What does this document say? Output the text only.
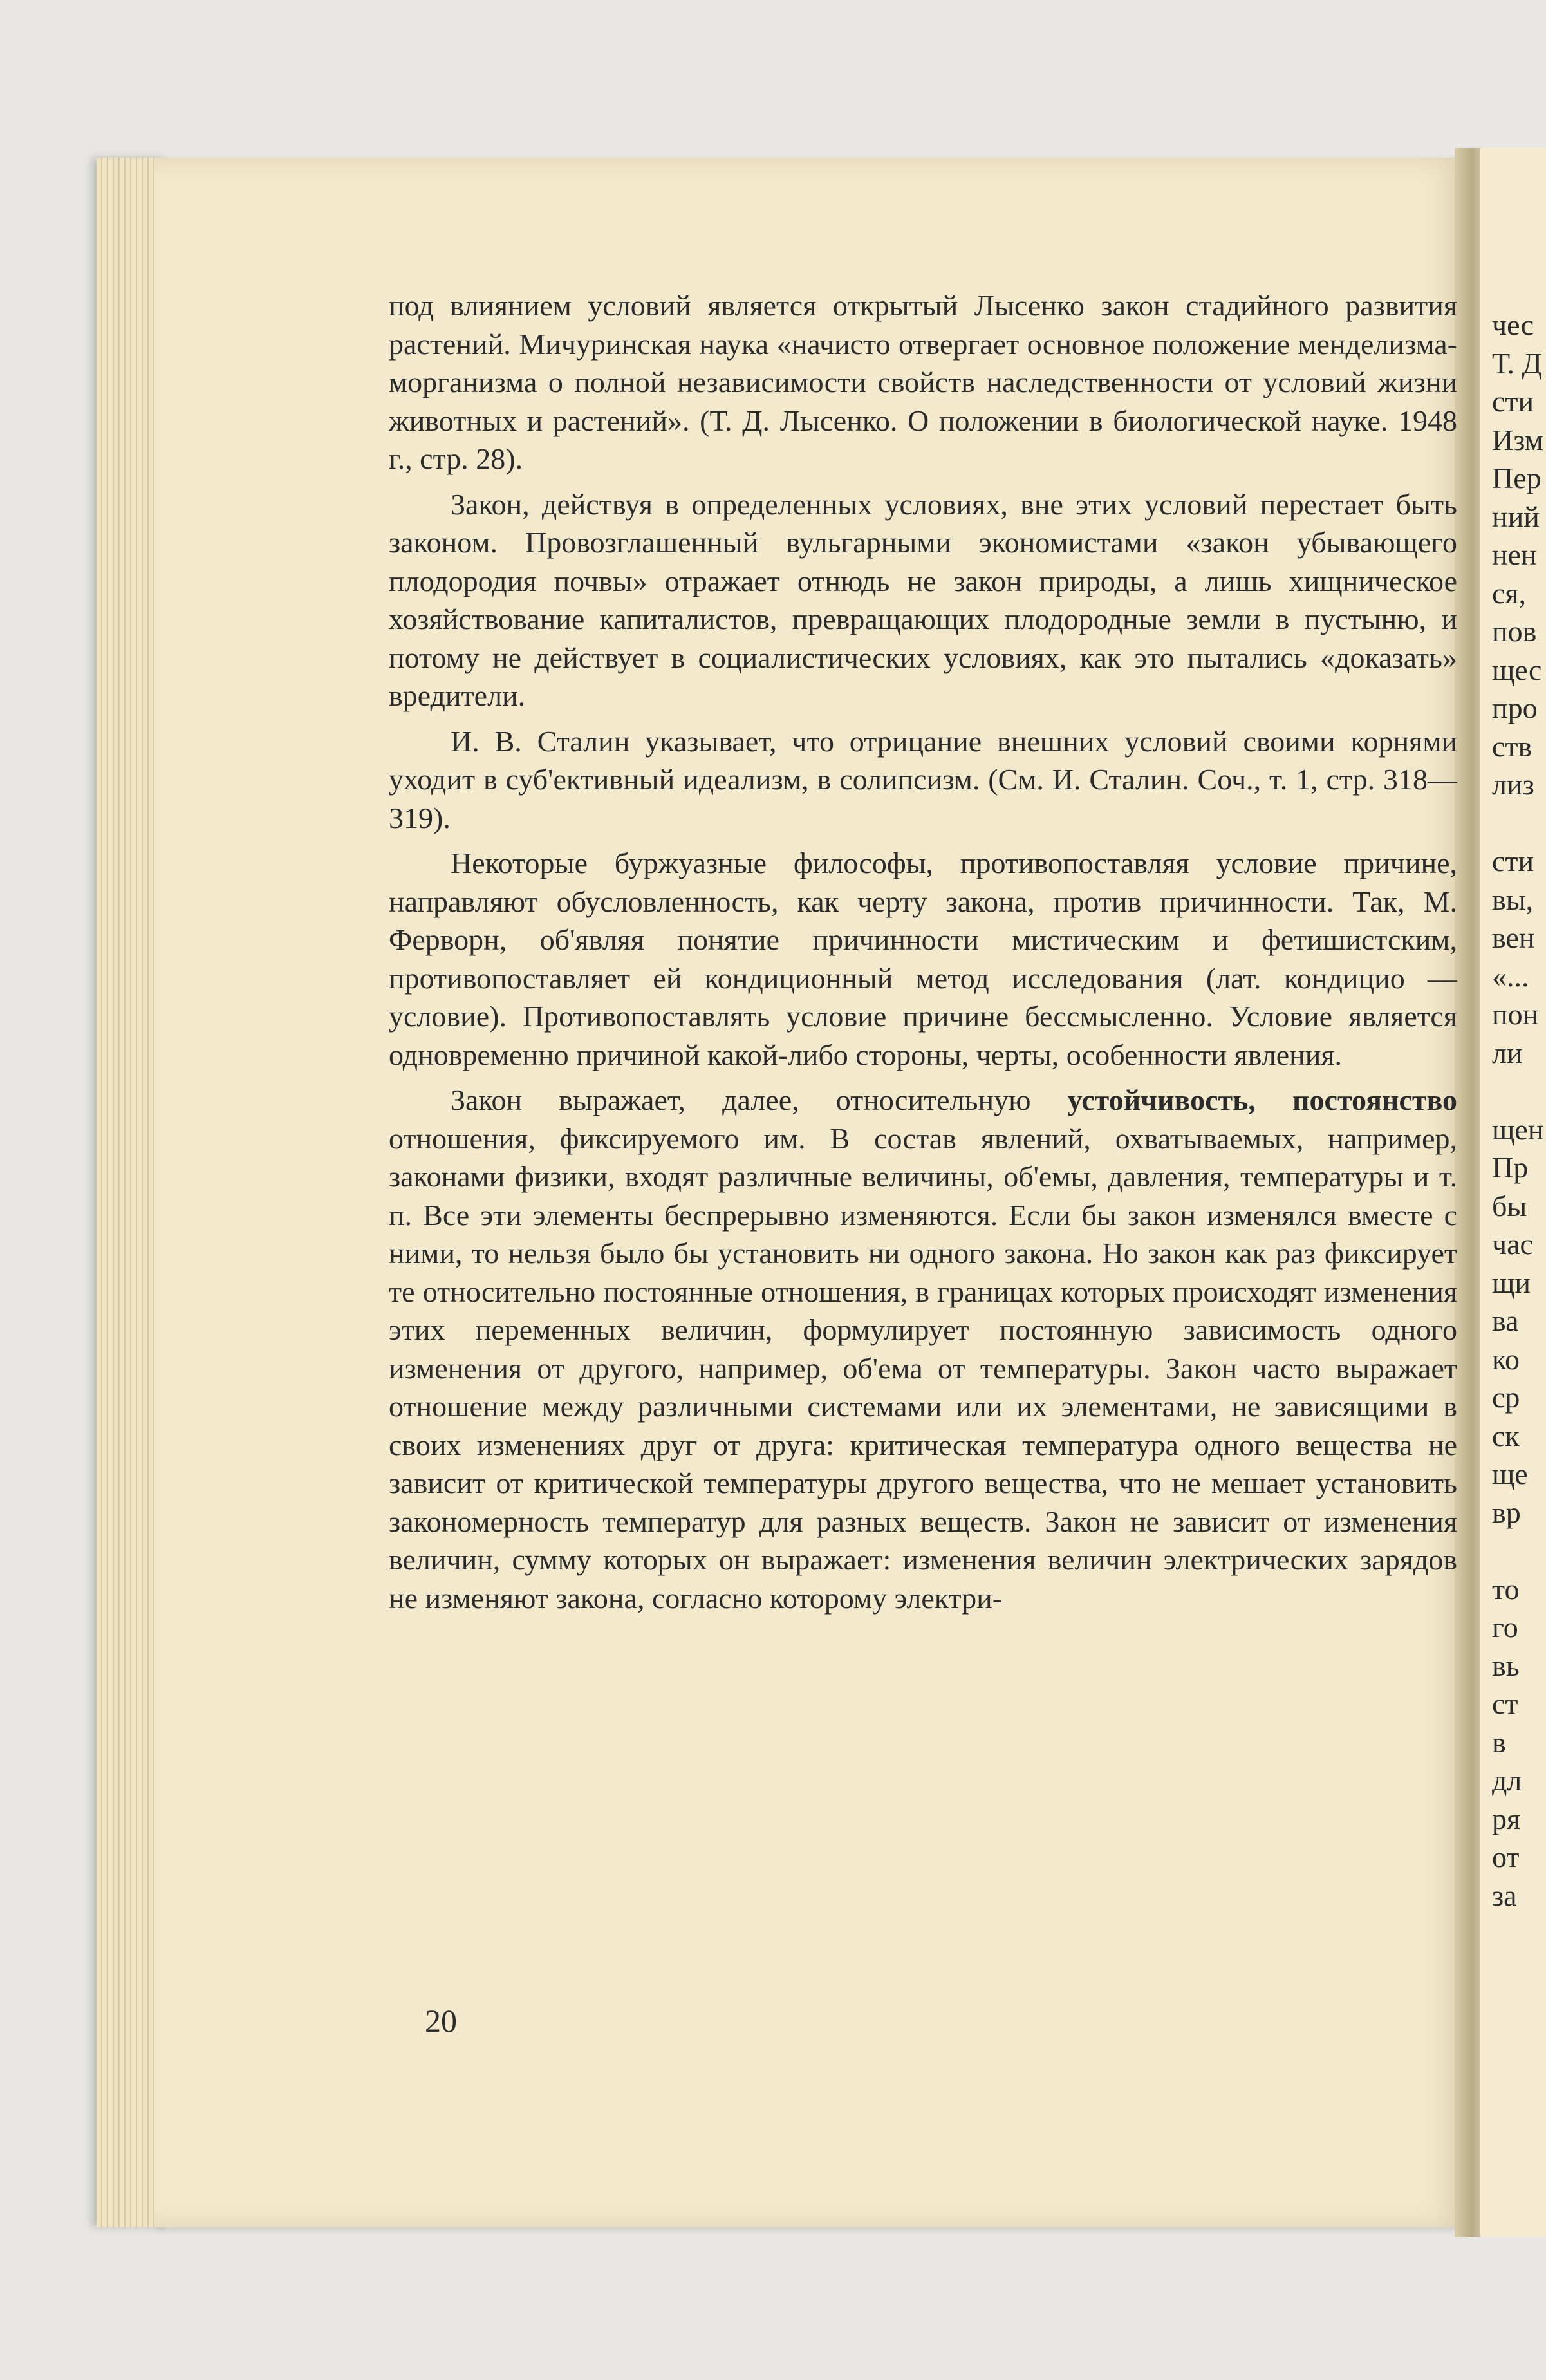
под влиянием условий является открытый Лысенко закон стадийного развития растений. Мичуринская наука «начисто отвергает основное положение менделизма-морганизма о полной независимости свойств наследственности от условий жизни животных и растений». (Т. Д. Лысенко. О положении в биологической науке. 1948 г., стр. 28).

Закон, действуя в определенных условиях, вне этих условий перестает быть законом. Провозглашенный вульгарными экономистами «закон убывающего плодородия почвы» отражает отнюдь не закон природы, а лишь хищническое хозяйствование капиталистов, превращающих плодородные земли в пустыню, и потому не действует в социалистических условиях, как это пытались «доказать» вредители.

И. В. Сталин указывает, что отрицание внешних условий своими корнями уходит в суб'ективный идеализм, в солипсизм. (См. И. Сталин. Соч., т. 1, стр. 318—319).

Некоторые буржуазные философы, противопоставляя условие причине, направляют обусловленность, как черту закона, против причинности. Так, М. Ферворн, об'являя понятие причинности мистическим и фетишистским, противопоставляет ей кондиционный метод исследования (лат. кондицио — условие). Противопоставлять условие причине бессмысленно. Условие является одновременно причиной какой-либо стороны, черты, особенности явления.

Закон выражает, далее, относительную устойчивость, постоянство отношения, фиксируемого им. В состав явлений, охватываемых, например, законами физики, входят различные величины, об'емы, давления, температуры и т. п. Все эти элементы беспрерывно изменяются. Если бы закон изменялся вместе с ними, то нельзя было бы установить ни одного закона. Но закон как раз фиксирует те относительно постоянные отношения, в границах которых происходят изменения этих переменных величин, формулирует постоянную зависимость одного изменения от другого, например, об'ема от температуры. Закон часто выражает отношение между различными системами или их элементами, не зависящими в своих изменениях друг от друга: критическая температура одного вещества не зависит от критической температуры другого вещества, что не мешает установить закономерность температур для разных веществ. Закон не зависит от изменения величин, сумму которых он выражает: изменения величин электрических зарядов не изменяют закона, согласно которому электри-

20
чес
Т. Д
сти
Изм
Пер
ний
нен
ся,
пов
щес
про
ств
лиз
сти
вы,
вен
«...
пон
ли
щен
Пр
бы
час
щи
ва
ко
ср
ск
ще
вр
то
го
вь
ст
в
дл
ря
от
за
